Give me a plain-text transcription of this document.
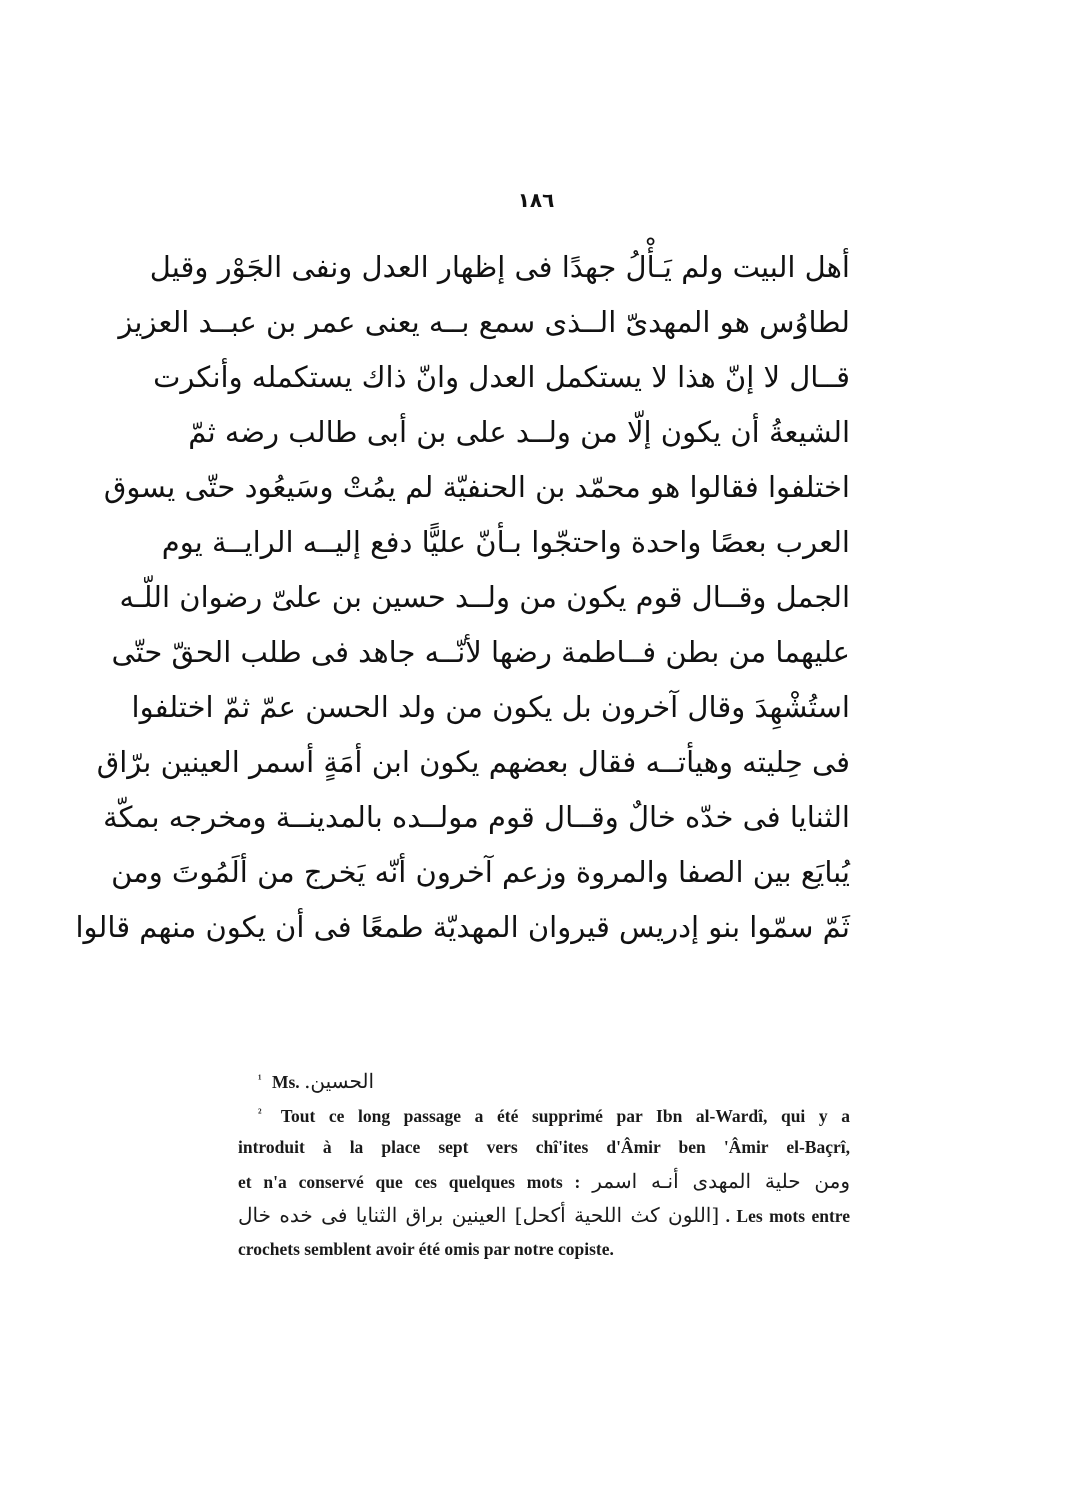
١٨٦
أهل البيت ولم يَـأْلُ جهدًا فى إظهار العدل ونفى الجَوْر وقيل
لطاوُس هو المهدىّ الــذى سمع بــه يعنى عمر بن عبــد العزيز
قــال لا إنّ هذا لا يستكمل العدل وانّ ذاك يستكمله وأنكرت
الشيعةُ أن يكون إلّا من ولــد على بن أبى طالب رضه ثمّ
اختلفوا فقالوا هو محمّد بن الحنفيّة لم يمُتْ وسَيعُود حتّى يسوق
العرب بعصًا واحدة واحتجّوا بـأنّ عليًّا دفع إليــه الرايــة يوم
الجمل وقــال قوم يكون من ولــد حسين بن علىّ رضوان اللّـه
عليهما من بطن فــاطمة رضها لأنّــه جاهد فى طلب الحقّ حتّى
استُشْهِدَ وقال آخرون بل يكون من ولد الحسن عمّ ثمّ اختلفوا
فى حِليته وهيأتــه فقال بعضهم يكون ابن أمَةٍ أسمر العينين برّاق
الثنايا فى خدّه خالٌ وقــال قوم مولــده بالمدينــة ومخرجه بمكّة
يُبايَع بين الصفا والمروة وزعم آخرون أنّه يَخرج من ألَمُوتَ ومن
ثَمّ سمّوا بنو إدريس قيروان المهديّة طمعًا فى أن يكون منهم قالوا
$^{^1}$ Ms. الحسين.
$^{^2}$ Tout ce long passage a été supprimé par Ibn al-Wardî, qui y a
introduit à la place sept vers chî'ites d'Âmir ben 'Âmir el-Baçrî,
et n'a conservé que ces quelques mots : ومن حلية المهدى أنـه اسمر
[اللون كث اللحية أكحل] العينين براق الثنايا فى خده خال . Les mots entre
crochets semblent avoir été omis par notre copiste.
